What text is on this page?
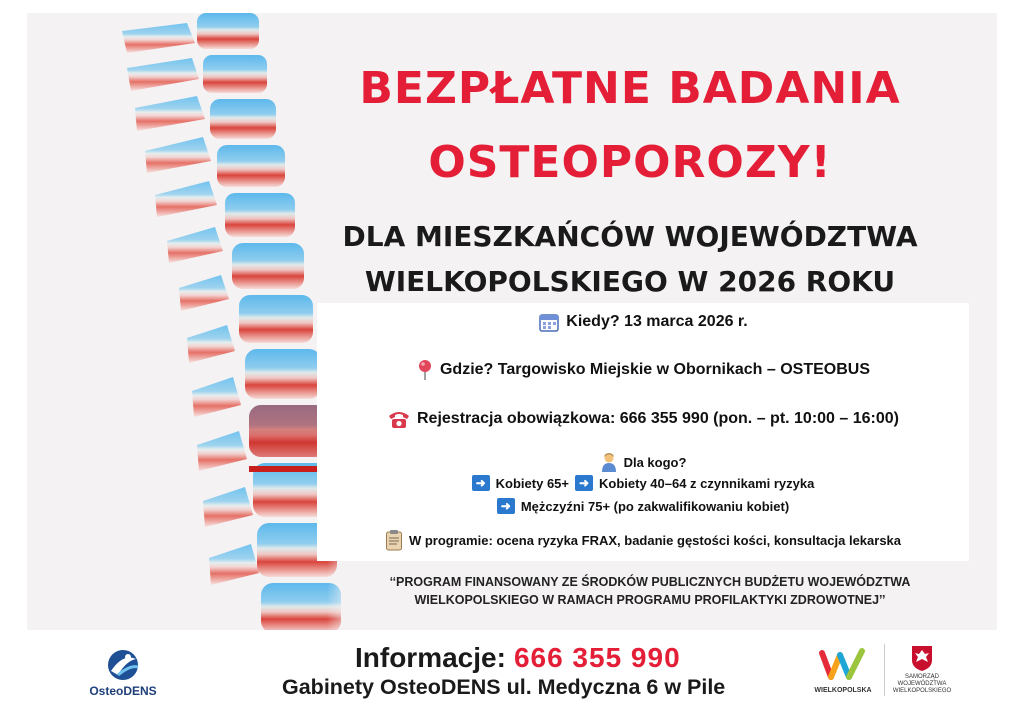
BEZPŁATNE BADANIA
OSTEOPOROZY!
DLA MIESZKAŃCÓW WOJEWÓDZTWA
WIELKOPOLSKIEGO W 2026 ROKU
Kiedy? 13 marca 2026 r.
Gdzie? Targowisko Miejskie w Obornikach – OSTEOBUS
Rejestracja obowiązkowa: 666 355 990 (pon. – pt. 10:00 – 16:00)
Dla kogo?
➜ Kobiety 65+ ➜ Kobiety 40–64 z czynnikami ryzyka
➜ Mężczyźni 75+ (po zakwalifikowaniu kobiet)
W programie: ocena ryzyka FRAX, badanie gęstości kości, konsultacja lekarska
‘‘PROGRAM FINANSOWANY ZE ŚRODKÓW PUBLICZNYCH BUDŻETU WOJEWÓDZTWA
WIELKOPOLSKIEGO W RAMACH PROGRAMU PROFILAKTYKI ZDROWOTNEJ’’
OsteoDENS
Informacje: 666 355 990
Gabinety OsteoDENS ul. Medyczna 6 w Pile	WIELKOPOLSKA
SAMORZĄD
WOJEWÓDZTWA
WIELKOPOLSKIEGO
